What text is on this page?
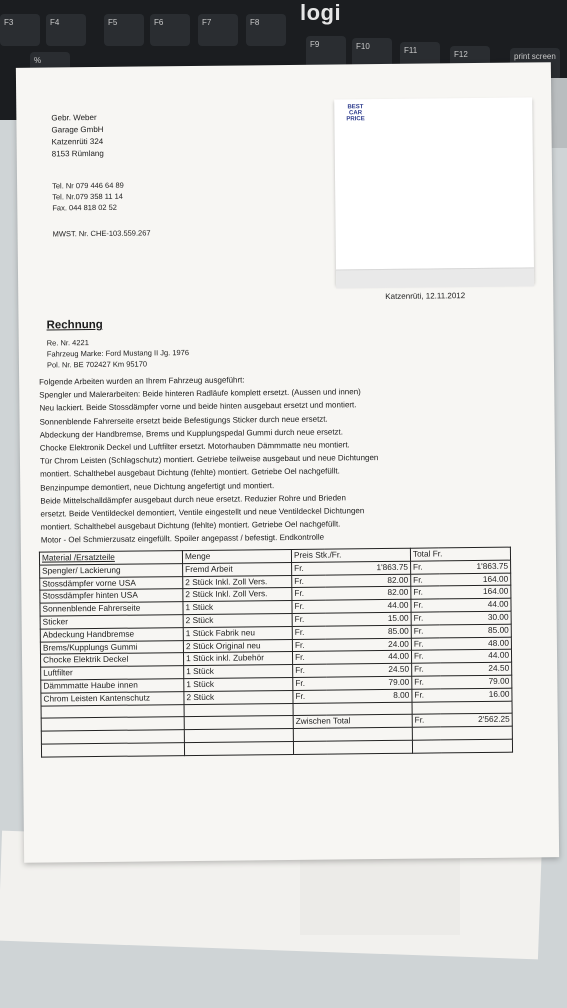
logi
F3	F4	F5	F6	F7	F8
F9	F10	F11	F12	print screen
%
Gebr. Weber
Garage GmbH
Katzenrüti 324
8153 Rümlang
Tel. Nr 079 446 64 89
Tel. Nr.079 358 11 14
Fax. 044 818 02 52
MWST. Nr. CHE-103.559.267
BEST
CAR
PRICE
Katzenrüti, 12.11.2012
Rechnung
Re. Nr. 4221
Fahrzeug Marke: Ford Mustang II Jg. 1976
Pol. Nr. BE 702427 Km 95170
Folgende Arbeiten wurden an Ihrem Fahrzeug ausgeführt:
Spengler und Malerarbeiten: Beide hinteren Radläufe komplett ersetzt. (Aussen und innen)
Neu lackiert. Beide Stossdämpfer vorne und beide hinten ausgebaut ersetzt und montiert.
Sonnenblende Fahrerseite ersetzt beide Befestigungs Sticker durch neue ersetzt.
Abdeckung der Handbremse, Brems und Kupplungspedal Gummi durch neue ersetzt.
Chocke Elektronik Deckel und Luftfilter ersetzt. Motorhauben Dämmmatte neu montiert.
Tür Chrom Leisten (Schlagschutz) montiert. Getriebe teilweise ausgebaut und neue Dichtungen
montiert. Schalthebel ausgebaut Dichtung (fehlte) montiert. Getriebe Oel nachgefüllt.
Benzinpumpe demontiert, neue Dichtung angefertigt und montiert.
Beide Mittelschalldämpfer ausgebaut durch neue ersetzt. Reduzier Rohre und Brieden
ersetzt. Beide Ventildeckel demontiert, Ventile eingestellt und neue Ventildeckel Dichtungen
montiert. Schalthebel ausgebaut Dichtung (fehlte) montiert. Getriebe Oel nachgefüllt.
Motor - Oel Schmierzusatz eingefüllt. Spoiler angepasst / befestigt. Endkontrolle
Material /Ersatzteile	Menge	Preis Stk./Fr.		Total Fr.	
Spengler/ Lackierung	Fremd Arbeit	Fr.	1'863.75	Fr.	1'863.75
Stossdämpfer vorne USA	2 Stück Inkl. Zoll Vers.	Fr.	82.00	Fr.	164.00
Stossdämpfer hinten USA	2 Stück Inkl. Zoll Vers.	Fr.	82.00	Fr.	164.00
Sonnenblende Fahrerseite	1 Stück	Fr.	44.00	Fr.	44.00
Sticker	2 Stück	Fr.	15.00	Fr.	30.00
Abdeckung Handbremse	1 Stück Fabrik neu	Fr.	85.00	Fr.	85.00
Brems/Kupplungs Gummi	2 Stück Original neu	Fr.	24.00	Fr.	48.00
Chocke Elektrik Deckel	1 Stück inkl. Zubehör	Fr.	44.00	Fr.	44.00
Luftfilter	1 Stück	Fr.	24.50	Fr.	24.50
Dämmmatte Haube innen	1 Stück	Fr.	79.00	Fr.	79.00
Chrom Leisten Kantenschutz	2 Stück	Fr.	8.00	Fr.	16.00

		Zwischen Total		Fr.	2'562.25
